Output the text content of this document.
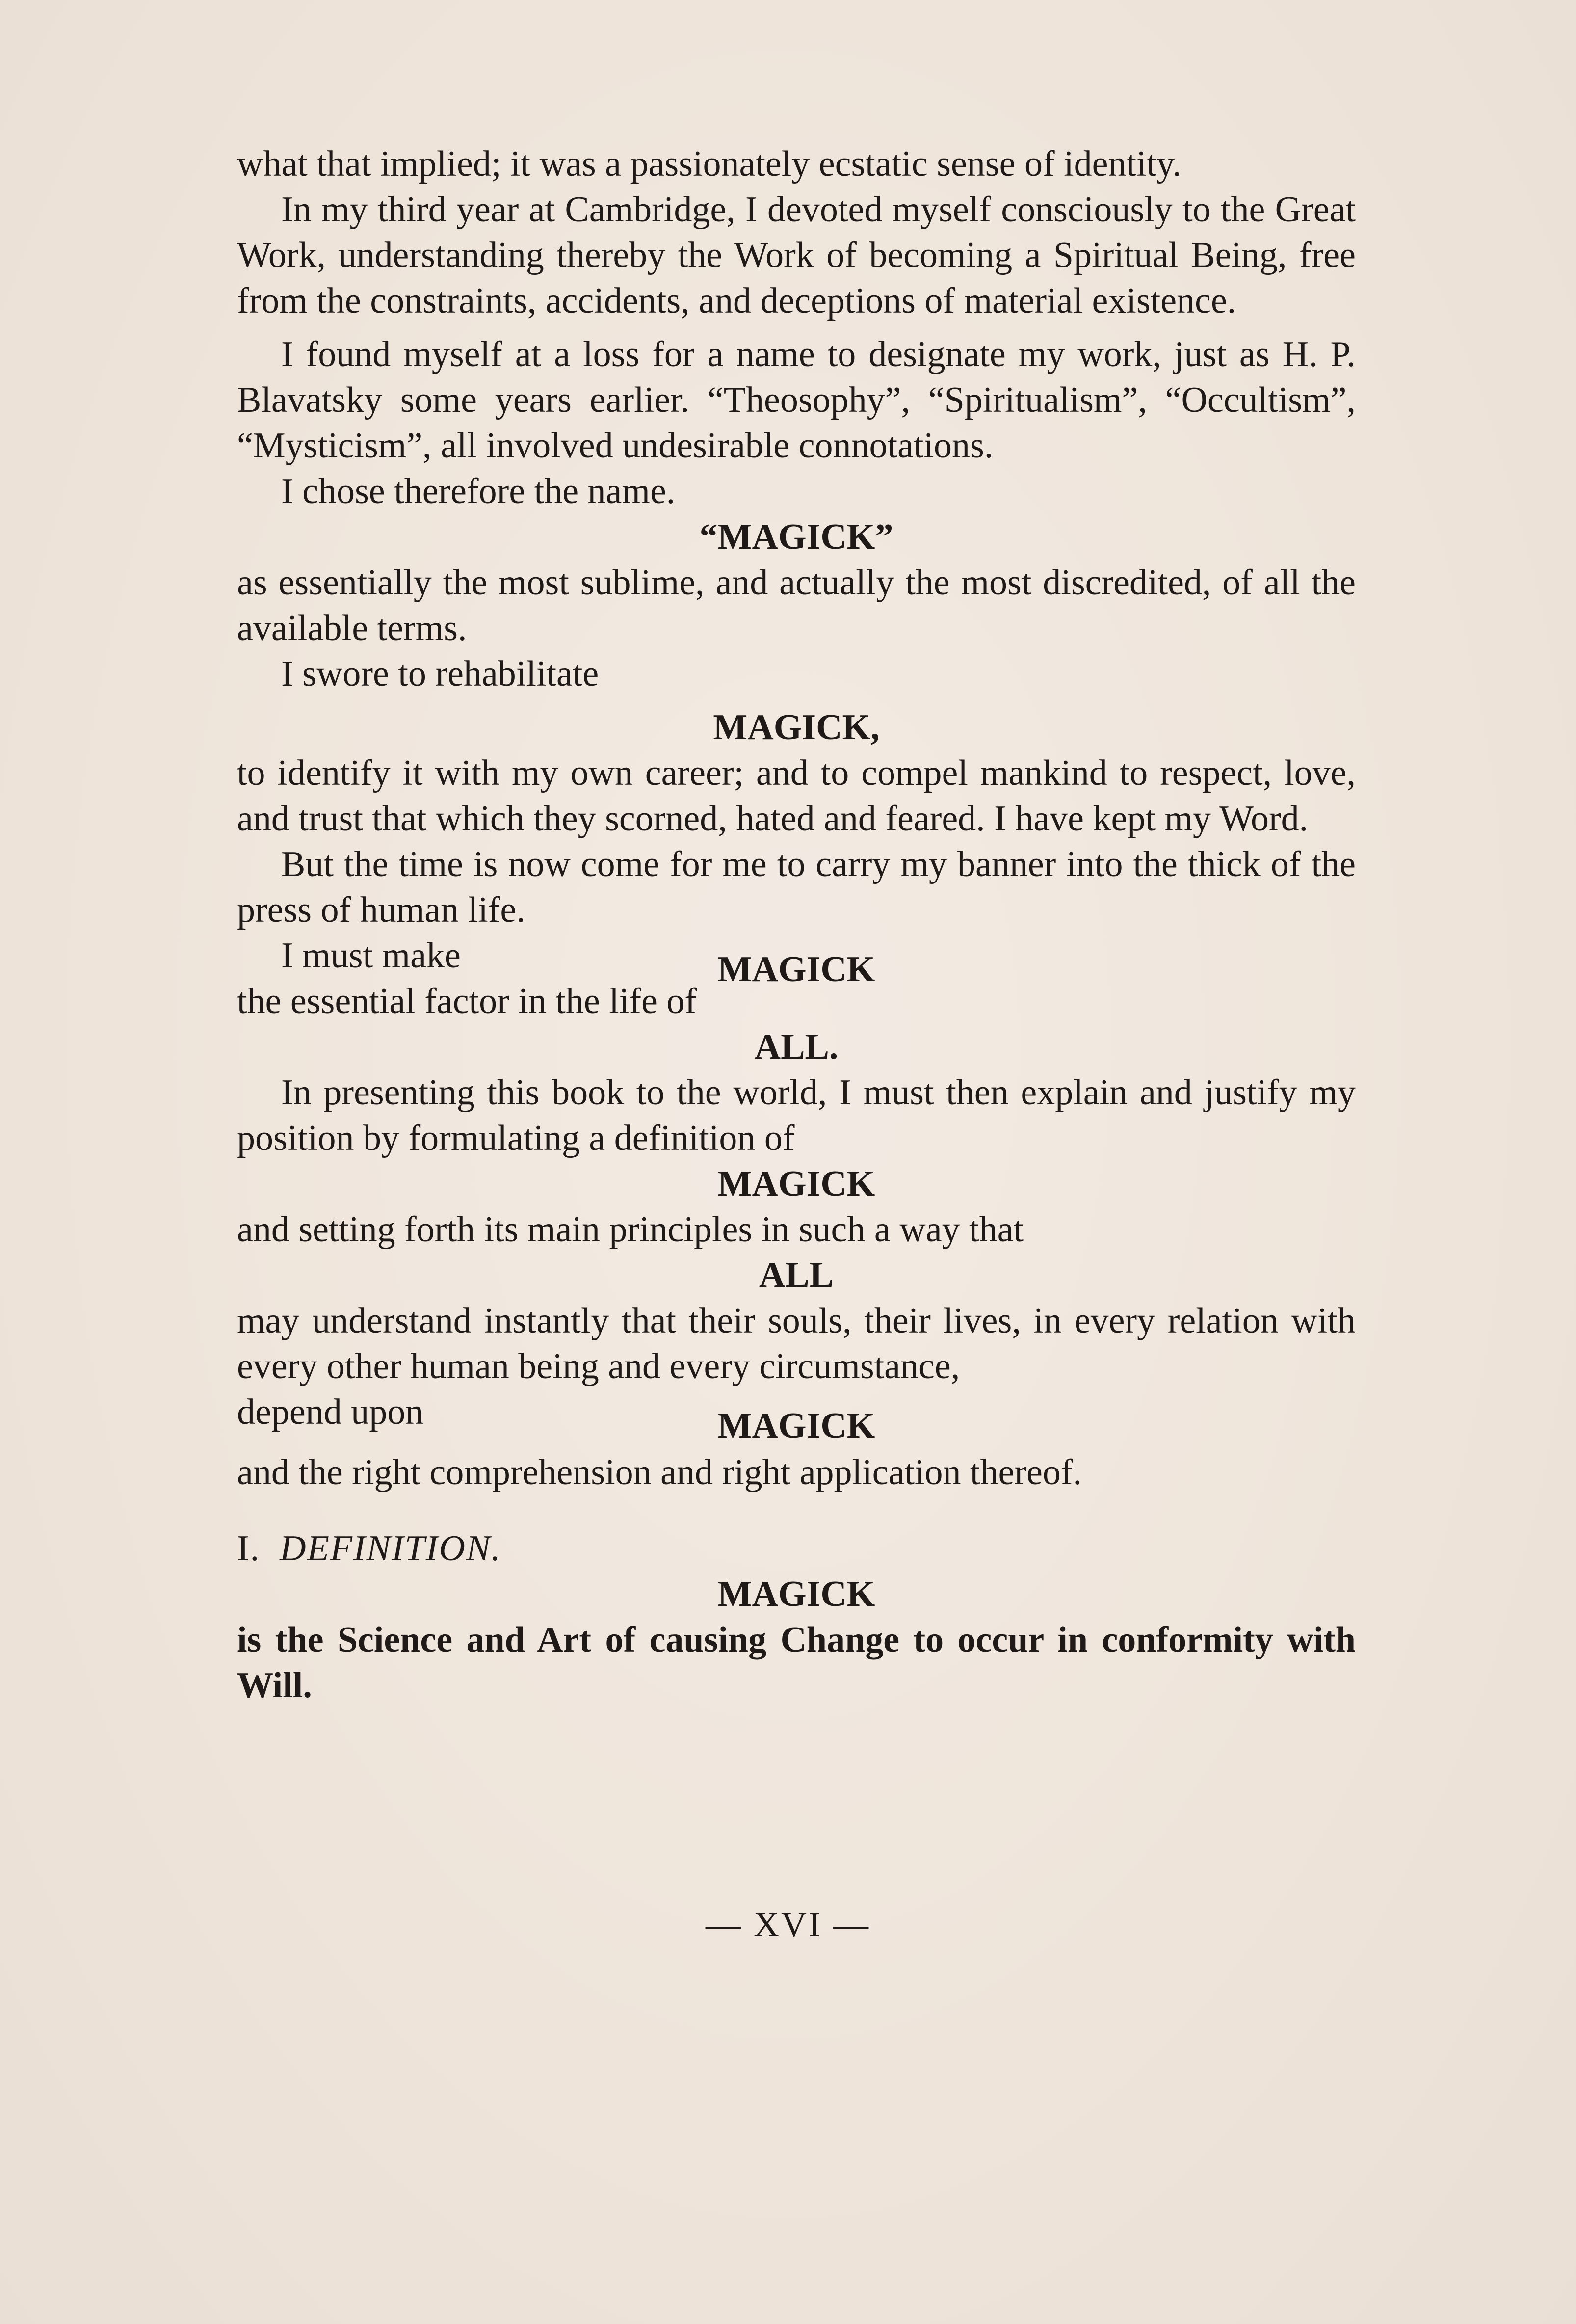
what that implied; it was a passionately ecstatic sense of identity.

In my third year at Cambridge, I devoted myself consciously to the Great Work, understanding thereby the Work of becoming a Spiritual Being, free from the constraints, accidents, and deceptions of material existence.

I found myself at a loss for a name to designate my work, just as H. P. Blavatsky some years earlier. “Theosophy”, “Spiritualism”, “Occultism”, “Mysticism”, all involved undesirable connotations.

I chose therefore the name.

“MAGICK”

as essentially the most sublime, and actually the most discredited, of all the available terms.

I swore to rehabilitate

MAGICK,

to identify it with my own career; and to compel mankind to respect, love, and trust that which they scorned, hated and feared. I have kept my Word.

But the time is now come for me to carry my banner into the thick of the press of human life.

I must make	MAGICK

the essential factor in the life of

ALL.

In presenting this book to the world, I must then explain and justify my position by formulating a definition of

MAGICK

and setting forth its main principles in such a way that

ALL

may understand instantly that their souls, their lives, in every relation with every other human being and every circumstance,

depend upon	MAGICK

and the right comprehension and right application thereof.

I. DEFINITION.

MAGICK

is the Science and Art of causing Change to occur in conformity with Will.

— XVI —
